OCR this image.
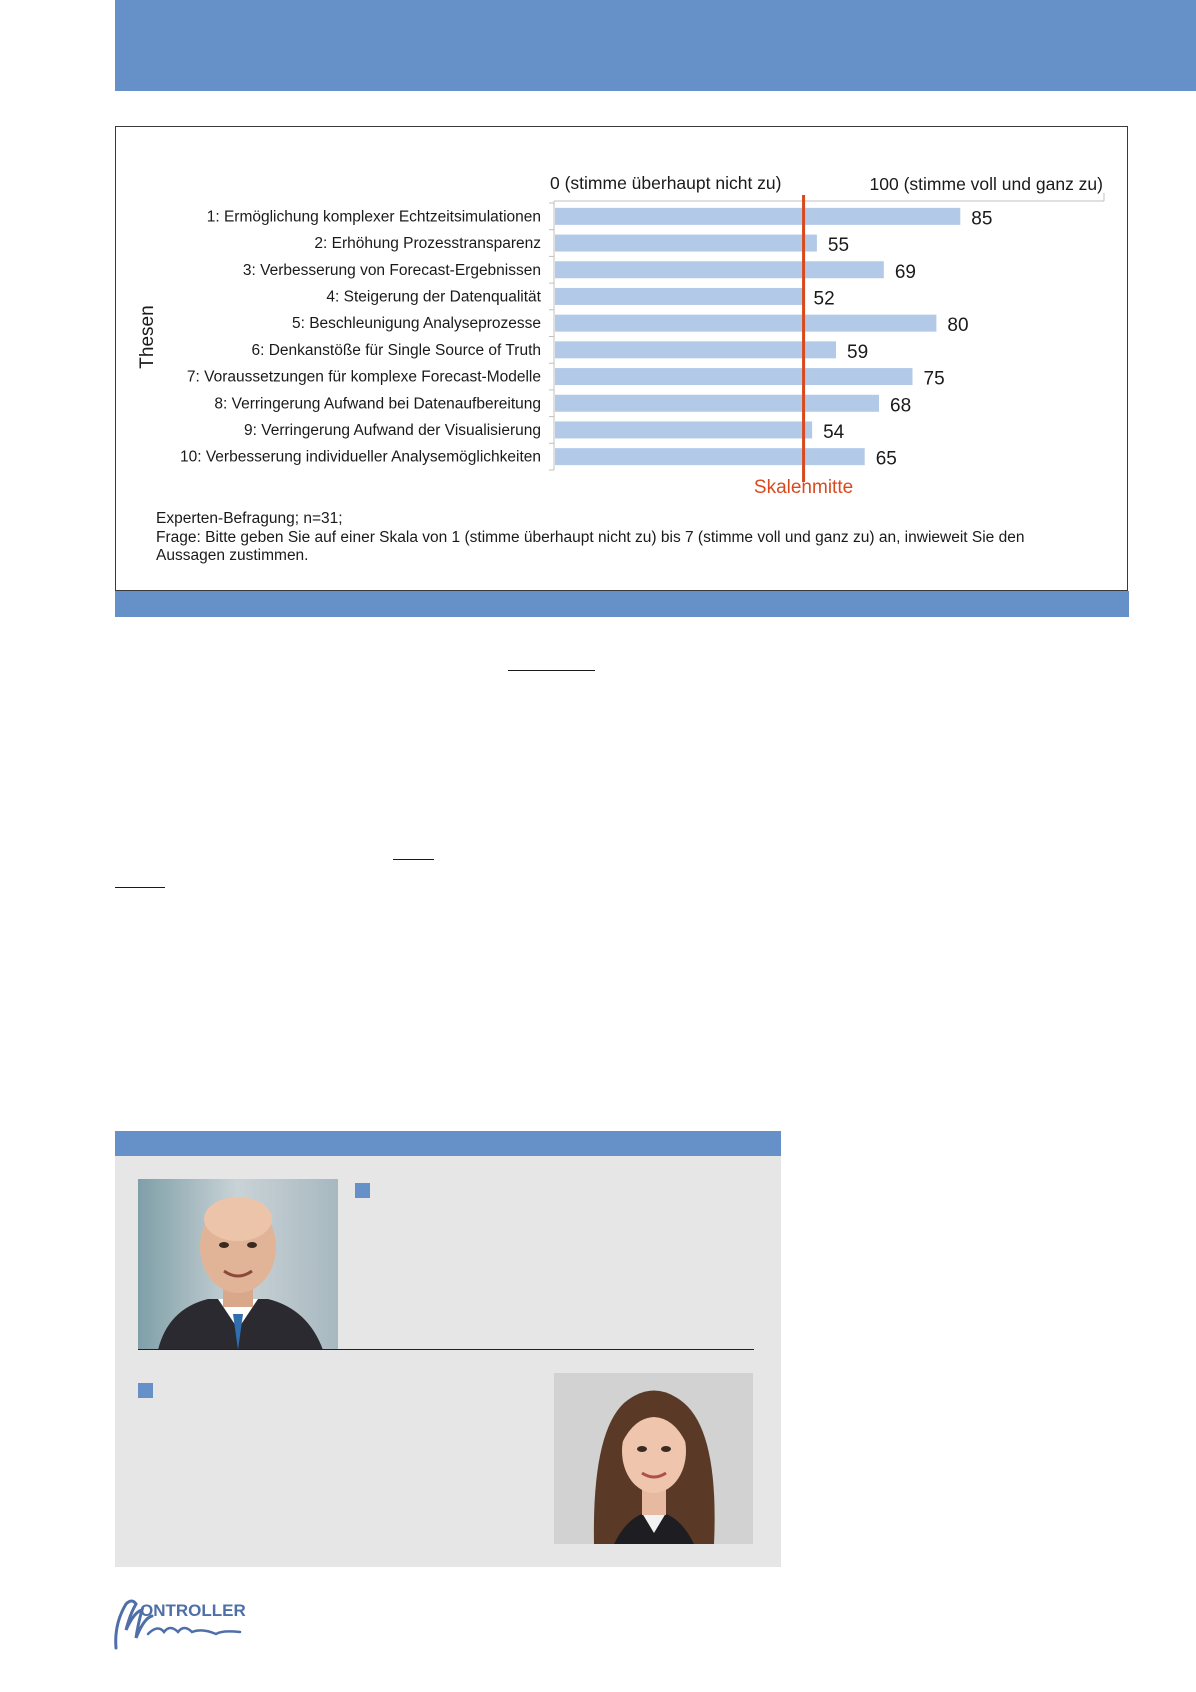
0 (stimme überhaupt nicht zu)	100 (stimme voll und ganz zu)
Thesen
1: Ermöglichung komplexer Echtzeitsimulationen
2: Erhöhung Prozesstransparenz
3: Verbesserung von Forecast-Ergebnissen
4: Steigerung der Datenqualität
5: Beschleunigung Analyseprozesse
6: Denkanstöße für Single Source of Truth
7: Voraussetzungen für komplexe Forecast-Modelle
8: Verringerung Aufwand bei Datenaufbereitung
9: Verringerung Aufwand der Visualisierung
10: Verbesserung individueller Analysemöglichkeiten
85
55
69
52
80
59
75
68
54
65
Skalenmitte
Experten-Befragung; n=31;
Frage: Bitte geben Sie auf einer Skala von 1 (stimme überhaupt nicht zu) bis 7 (stimme voll und ganz zu) an, inwieweit Sie den
Aussagen zustimmen.
ONTROLLER
